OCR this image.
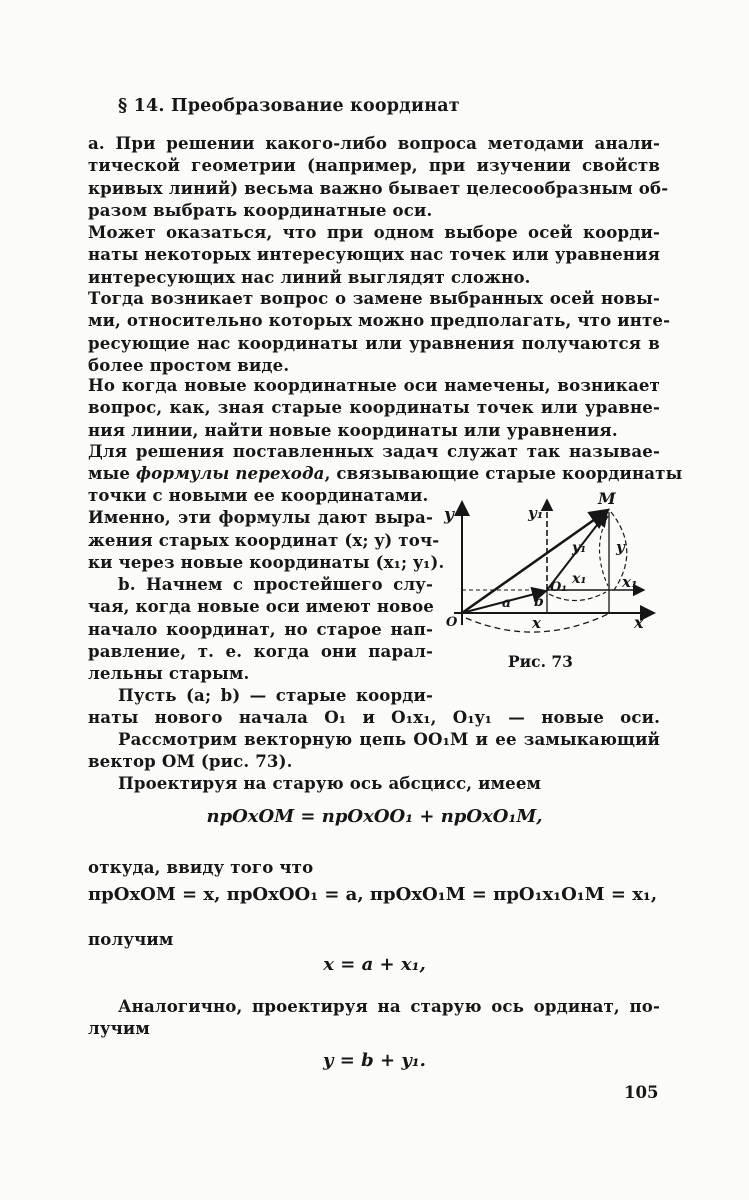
§ 14. Преобразование координат
а. При решении какого-либо вопроса методами анали-
тической геометрии (например, при изучении свойств
кривых линий) весьма важно бывает целесообразным об-
разом выбрать координатные оси.
Может оказаться, что при одном выборе осей коорди-
наты некоторых интересующих нас точек или уравнения
интересующих нас линий выглядят сложно.
Тогда возникает вопрос о замене выбранных осей новы-
ми, относительно которых можно предполагать, что инте-
ресующие нас координаты или уравнения получаются в
более простом виде.
Но когда новые координатные оси намечены, возникает
вопрос, как, зная старые координаты точек или уравне-
ния линии, найти новые координаты или уравнения.
Для решения поставленных задач служат так называе-
мые формулы перехода, связывающие старые координаты
точки с новыми ее координатами.
Именно, эти формулы дают выра-
жения старых координат (x; y) точ-
ки через новые координаты (x₁; y₁).
b. Начнем с простейшего слу-
чая, когда новые оси имеют новое
начало координат, но старое нап-
равление, т. е. когда они парал-
лельны старым.
Пусть (a; b) — старые коорди-
наты нового начала O₁ и O₁x₁, O₁y₁ — новые оси.
Рассмотрим векторную цепь OO₁M и ее замыкающий
вектор OM (рис. 73).
Проектируя на старую ось абсцисс, имеем
прOxOM = прOxOO₁ + прOxO₁M,
откуда, ввиду того что
прOxOM = x, прOxOO₁ = a, прOxO₁M = прO₁x₁O₁M = x₁,
получим
x = a + x₁,
Аналогично, проектируя на старую ось ординат, по-
лучим
y = b + y₁.
y	y₁
M
y₁ y
O₁
x₁ x₁
b
a
O	x	x
Рис. 73
105
